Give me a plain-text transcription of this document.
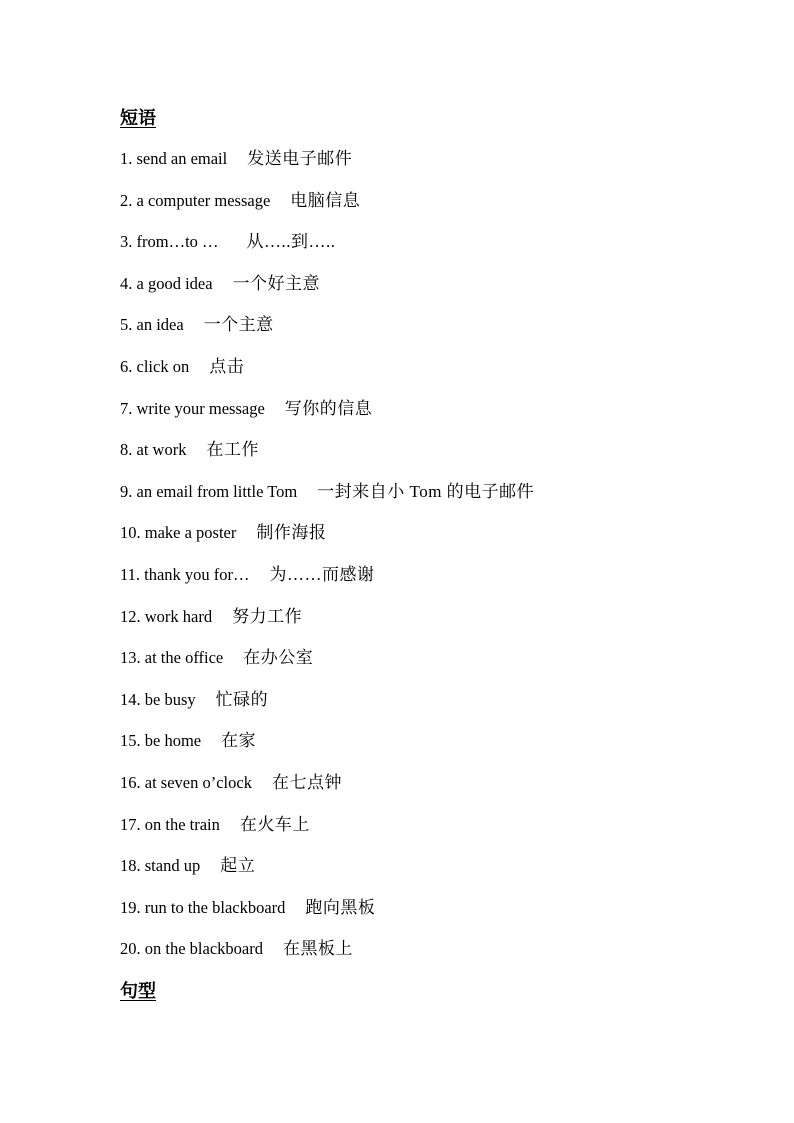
短语
1. send an email 发送电子邮件
2. a computer message 电脑信息
3. from…to … 从…..到…..
4. a good idea 一个好主意
5. an idea 一个主意
6. click on 点击
7. write your message 写你的信息
8. at work 在工作
9. an email from little Tom 一封来自小 Tom 的电子邮件
10. make a poster 制作海报
11. thank you for… 为……而感谢
12. work hard 努力工作
13. at the office 在办公室
14. be busy 忙碌的
15. be home 在家
16. at seven o’clock 在七点钟
17. on the train 在火车上
18. stand up 起立
19. run to the blackboard 跑向黑板
20. on the blackboard 在黑板上
句型
